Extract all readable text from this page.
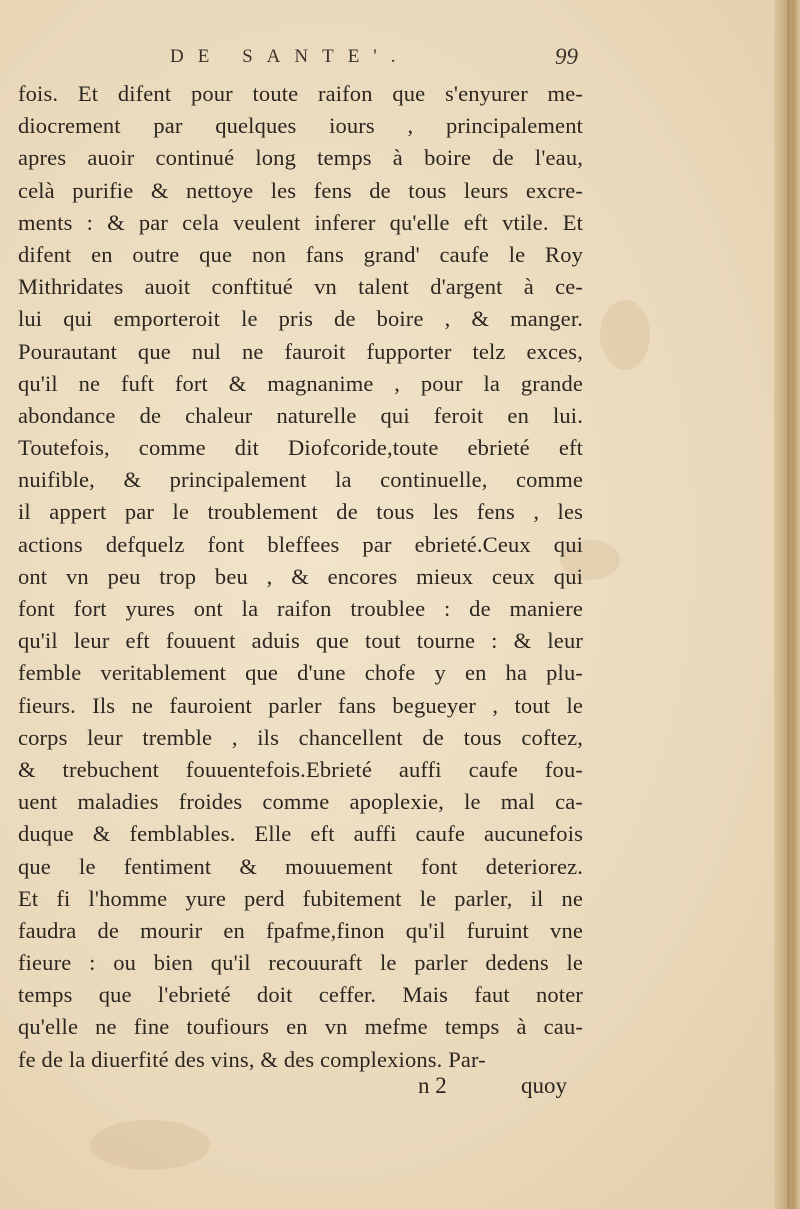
DE SANTE'.	99
fois. Et difent pour toute raifon que s'enyurer me-
diocrement par quelques iours , principalement
apres auoir continué long temps à boire de l'eau,
celà purifie & nettoye les fens de tous leurs excre-
ments : & par cela veulent inferer qu'elle eft vtile. Et
difent en outre que non fans grand' caufe le Roy
Mithridates auoit conftitué vn talent d'argent à ce-
lui qui emporteroit le pris de boire , & manger.
Pourautant que nul ne fauroit fupporter telz exces,
qu'il ne fuft fort & magnanime , pour la grande
abondance de chaleur naturelle qui feroit en lui.
Toutefois, comme dit Diofcoride,toute ebrieté eft
nuifible, & principalement la continuelle, comme
il appert par le troublement de tous les fens , les
actions defquelz font bleffees par ebrieté.Ceux qui
ont vn peu trop beu , & encores mieux ceux qui
font fort yures ont la raifon troublee : de maniere
qu'il leur eft fouuent aduis que tout tourne : & leur
femble veritablement que d'une chofe y en ha plu-
fieurs. Ils ne fauroient parler fans begueyer , tout le
corps leur tremble , ils chancellent de tous coftez,
& trebuchent fouuentefois.Ebrieté auffi caufe fou-
uent maladies froides comme apoplexie, le mal ca-
duque & femblables. Elle eft auffi caufe aucunefois
que le fentiment & mouuement font deteriorez.
Et fi l'homme yure perd fubitement le parler, il ne
faudra de mourir en fpafme,finon qu'il furuint vne
fieure : ou bien qu'il recouuraft le parler dedens le
temps que l'ebrieté doit ceffer. Mais faut noter
qu'elle ne fine toufiours en vn mefme temps à cau-
fe de la diuerfité des vins, & des complexions. Par-
n 2	quoy
